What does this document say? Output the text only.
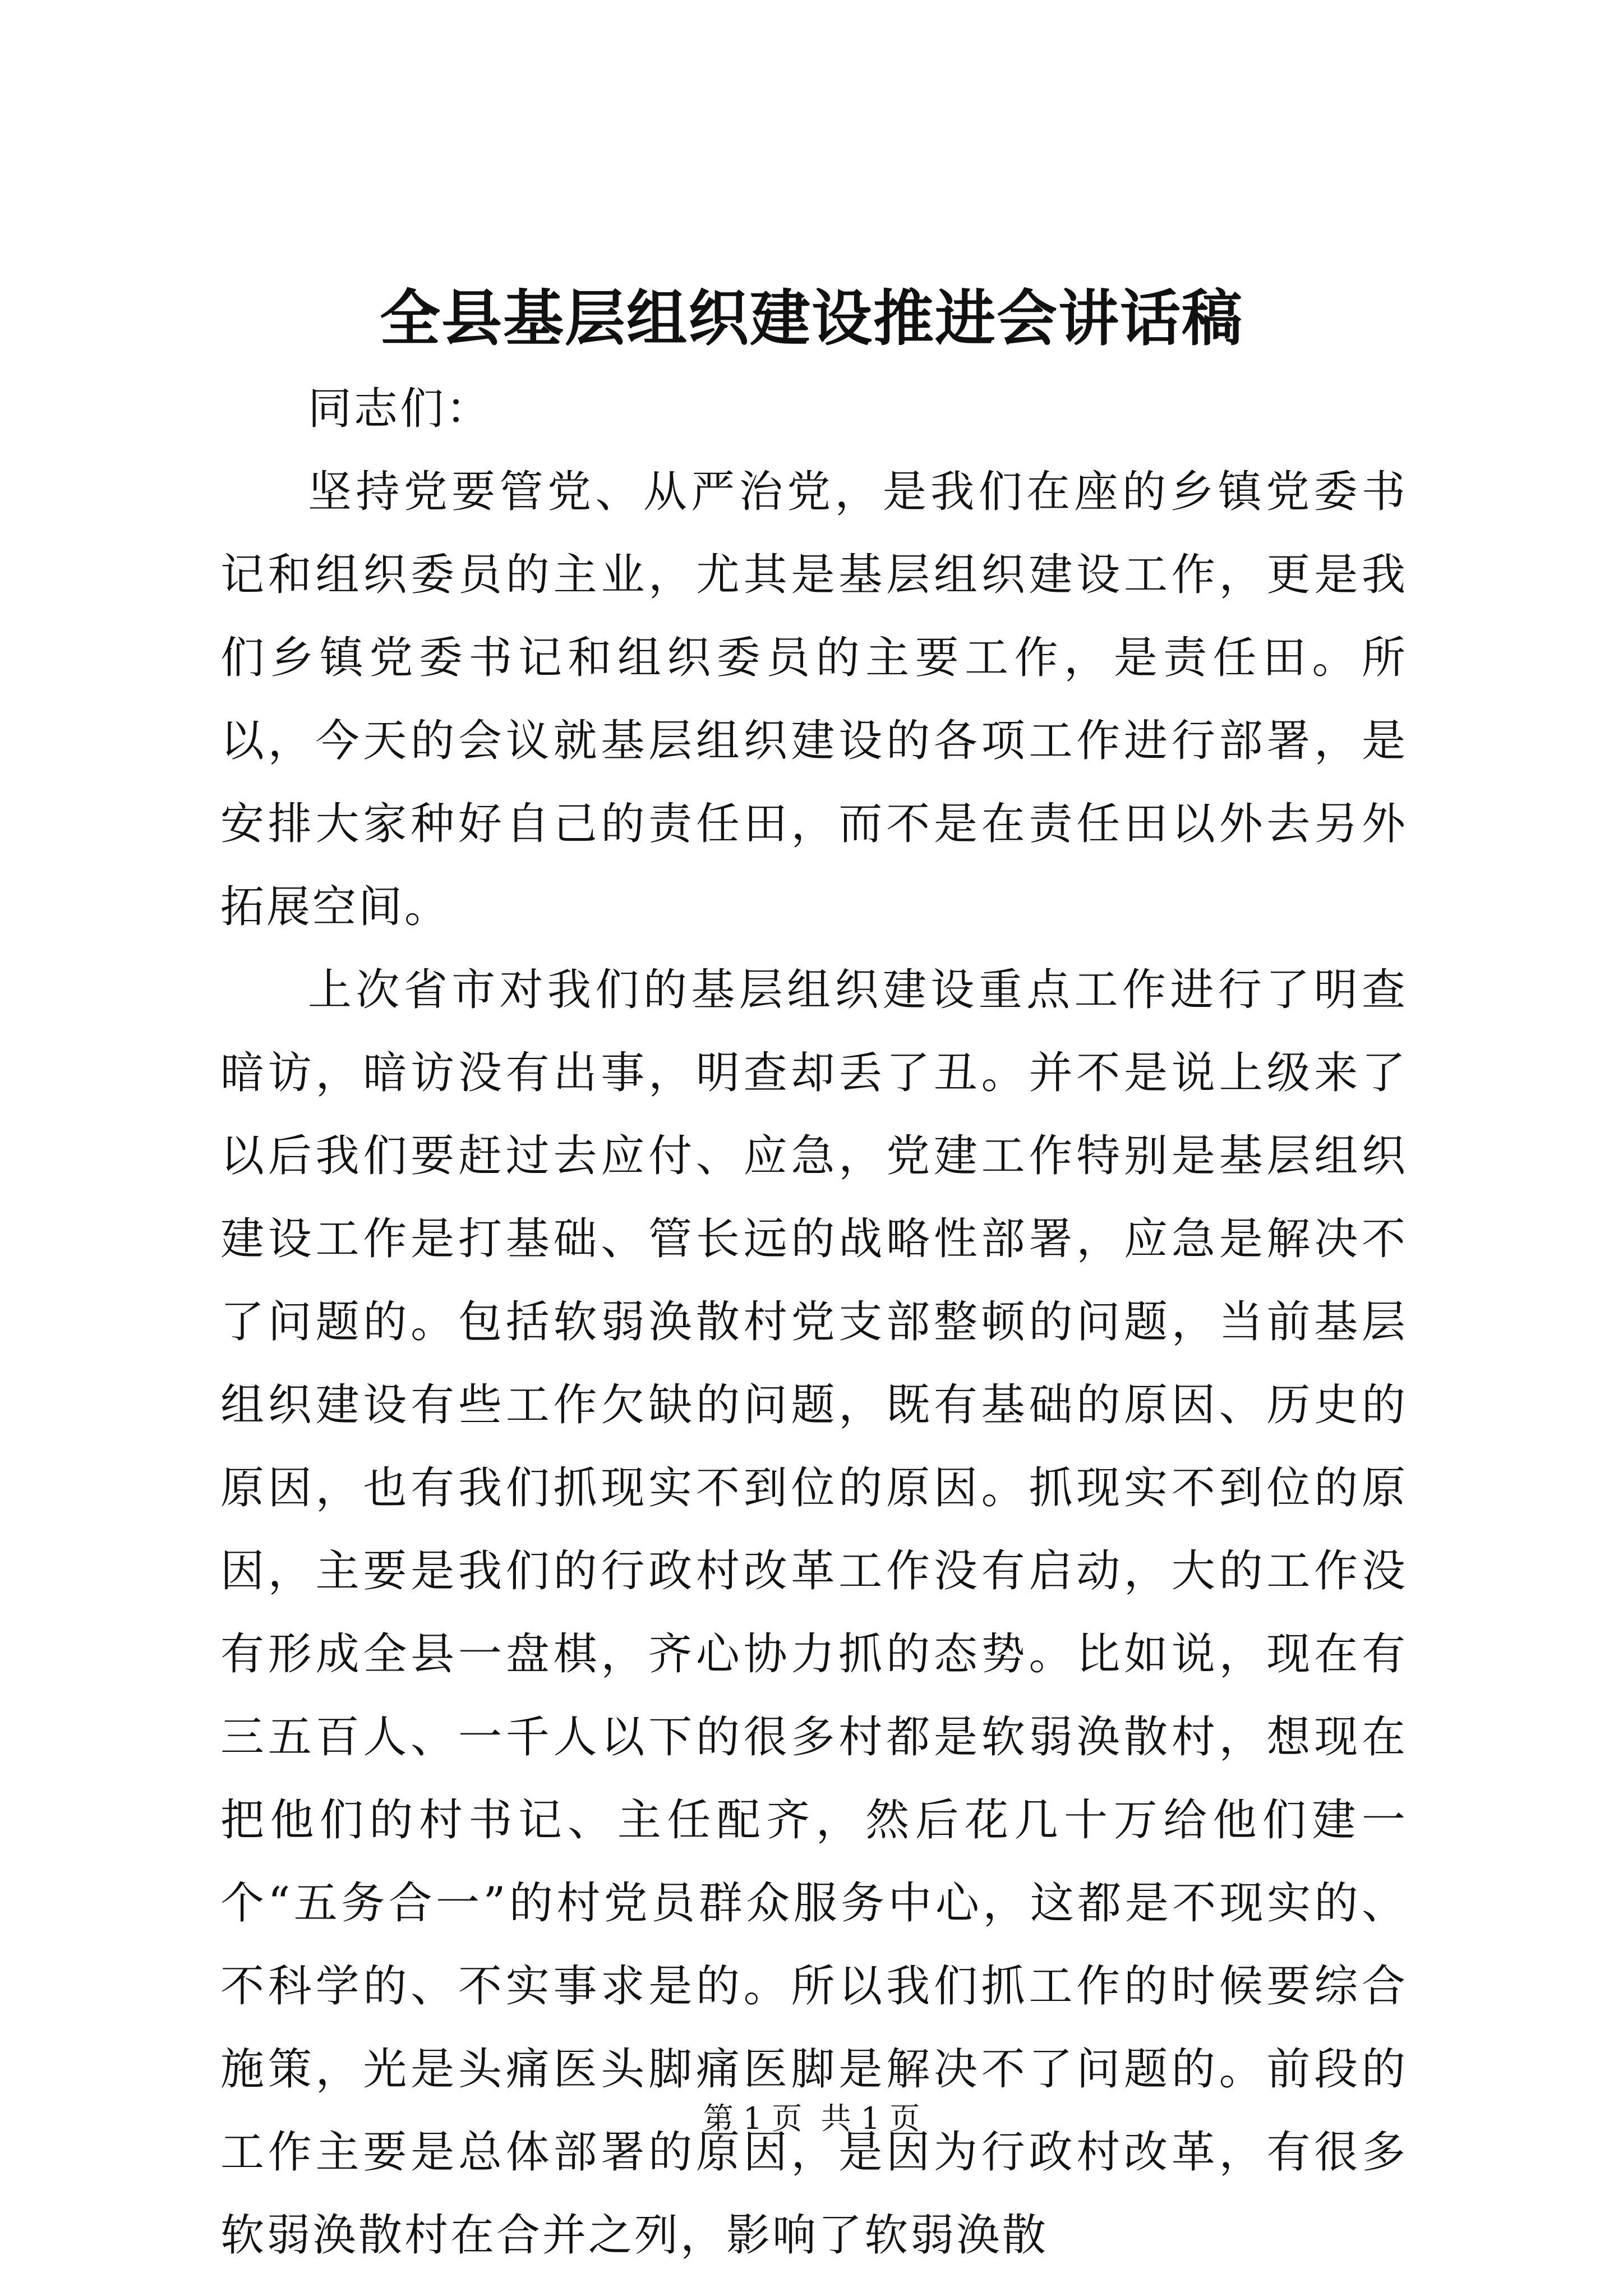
全县基层组织建设推进会讲话稿

同志们：

坚持党要管党、从严治党，是我们在座的乡镇党委书记和组织委员的主业，尤其是基层组织建设工作，更是我们乡镇党委书记和组织委员的主要工作，是责任田。所以，今天的会议就基层组织建设的各项工作进行部署，是安排大家种好自己的责任田，而不是在责任田以外去另外拓展空间。

上次省市对我们的基层组织建设重点工作进行了明查暗访，暗访没有出事，明查却丢了丑。并不是说上级来了以后我们要赶过去应付、应急，党建工作特别是基层组织建设工作是打基础、管长远的战略性部署，应急是解决不了问题的。包括软弱涣散村党支部整顿的问题，当前基层组织建设有些工作欠缺的问题，既有基础的原因、历史的原因，也有我们抓现实不到位的原因。抓现实不到位的原因，主要是我们的行政村改革工作没有启动，大的工作没有形成全县一盘棋，齐心协力抓的态势。比如说，现在有三五百人、一千人以下的很多村都是软弱涣散村，想现在把他们的村书记、主任配齐，然后花几十万给他们建一个“五务合一”的村党员群众服务中心，这都是不现实的、不科学的、不实事求是的。所以我们抓工作的时候要综合施策，光是头痛医头脚痛医脚是解决不了问题的。前段的工作主要是总体部署的原因，是因为行政村改革，有很多软弱涣散村在合并之列，影响了软弱涣散

第 1 页 共 1 页
